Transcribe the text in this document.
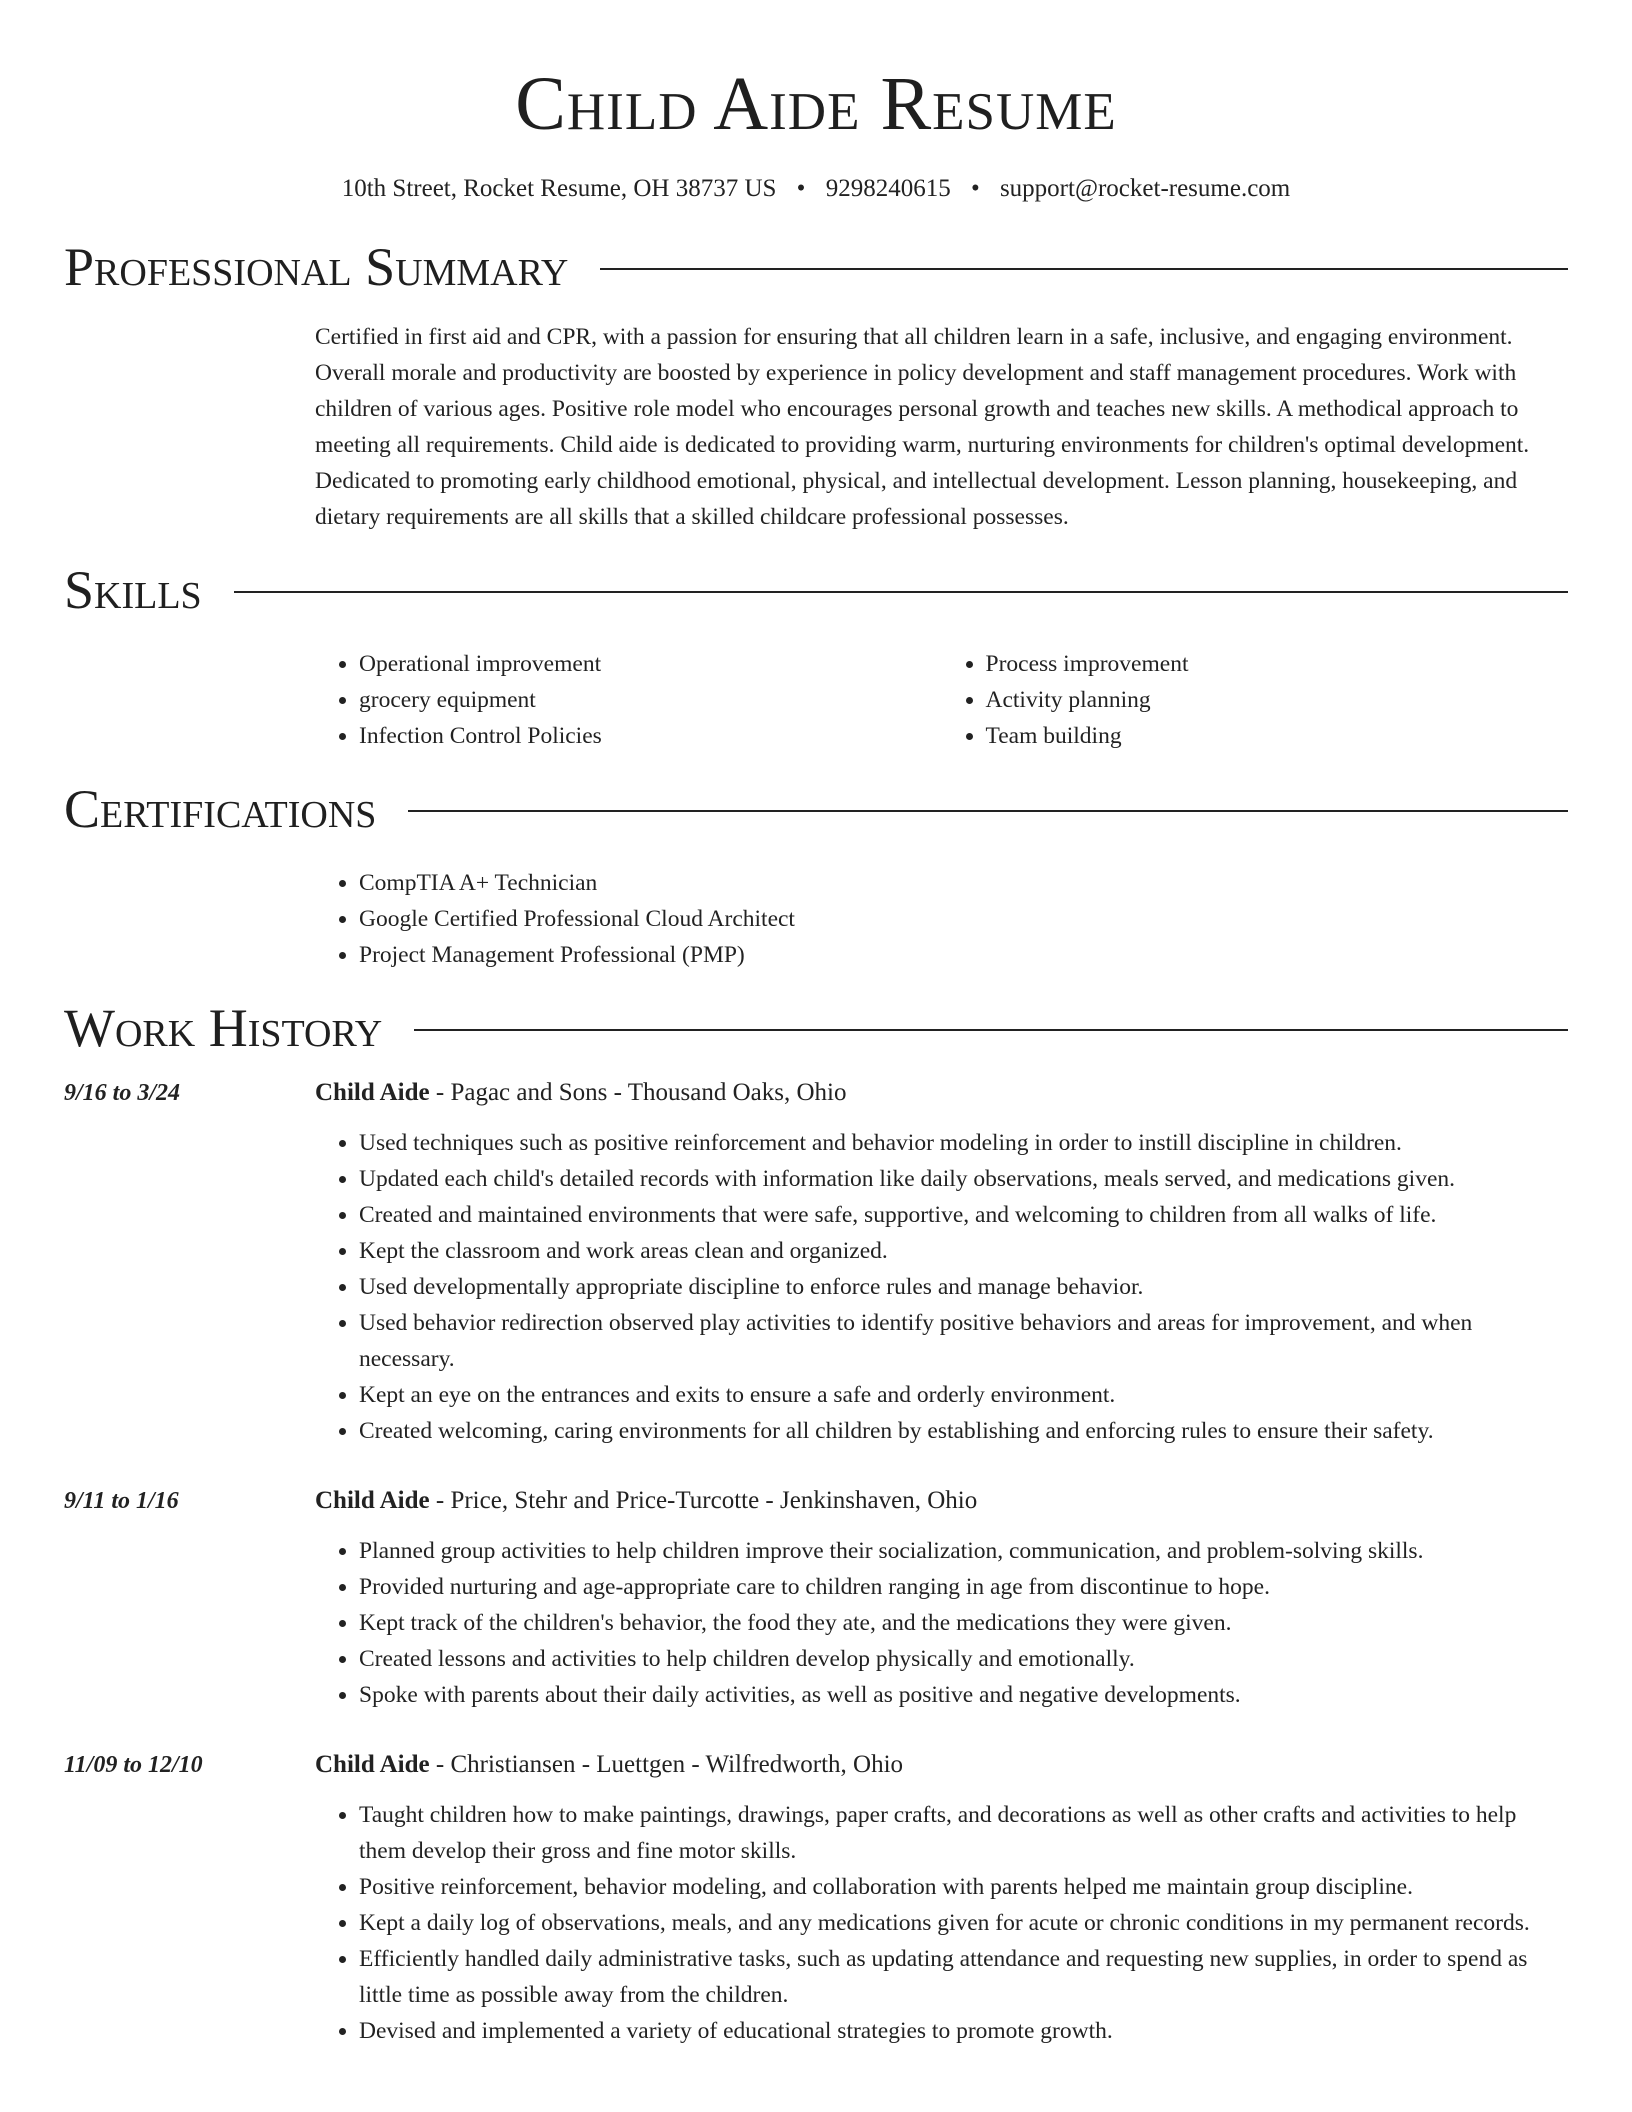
Child Aide Resume
10th Street, Rocket Resume, OH 38737 US • 9298240615 • support@rocket-resume.com
Professional Summary

Certified in first aid and CPR, with a passion for ensuring that all children learn in a safe, inclusive, and engaging environment. Overall morale and productivity are boosted by experience in policy development and staff management procedures. Work with children of various ages. Positive role model who encourages personal growth and teaches new skills. A methodical approach to meeting all requirements. Child aide is dedicated to providing warm, nurturing environments for children's optimal development. Dedicated to promoting early childhood emotional, physical, and intellectual development. Lesson planning, housekeeping, and dietary requirements are all skills that a skilled childcare professional possesses.

Skills
• Operational improvement
• grocery equipment
• Infection Control Policies
• Process improvement
• Activity planning
• Team building
Certifications
• CompTIA A+ Technician
• Google Certified Professional Cloud Architect
• Project Management Professional (PMP)
Work History
9/16 to 3/24	Child Aide - Pagac and Sons - Thousand Oaks, Ohio
• Used techniques such as positive reinforcement and behavior modeling in order to instill discipline in children.
• Updated each child's detailed records with information like daily observations, meals served, and medications given.
• Created and maintained environments that were safe, supportive, and welcoming to children from all walks of life.
• Kept the classroom and work areas clean and organized.
• Used developmentally appropriate discipline to enforce rules and manage behavior.
• Used behavior redirection observed play activities to identify positive behaviors and areas for improvement, and when necessary.
• Kept an eye on the entrances and exits to ensure a safe and orderly environment.
• Created welcoming, caring environments for all children by establishing and enforcing rules to ensure their safety.
9/11 to 1/16	Child Aide - Price, Stehr and Price-Turcotte - Jenkinshaven, Ohio
• Planned group activities to help children improve their socialization, communication, and problem-solving skills.
• Provided nurturing and age-appropriate care to children ranging in age from discontinue to hope.
• Kept track of the children's behavior, the food they ate, and the medications they were given.
• Created lessons and activities to help children develop physically and emotionally.
• Spoke with parents about their daily activities, as well as positive and negative developments.
11/09 to 12/10	Child Aide - Christiansen - Luettgen - Wilfredworth, Ohio
• Taught children how to make paintings, drawings, paper crafts, and decorations as well as other crafts and activities to help them develop their gross and fine motor skills.
• Positive reinforcement, behavior modeling, and collaboration with parents helped me maintain group discipline.
• Kept a daily log of observations, meals, and any medications given for acute or chronic conditions in my permanent records.
• Efficiently handled daily administrative tasks, such as updating attendance and requesting new supplies, in order to spend as little time as possible away from the children.
• Devised and implemented a variety of educational strategies to promote growth.
